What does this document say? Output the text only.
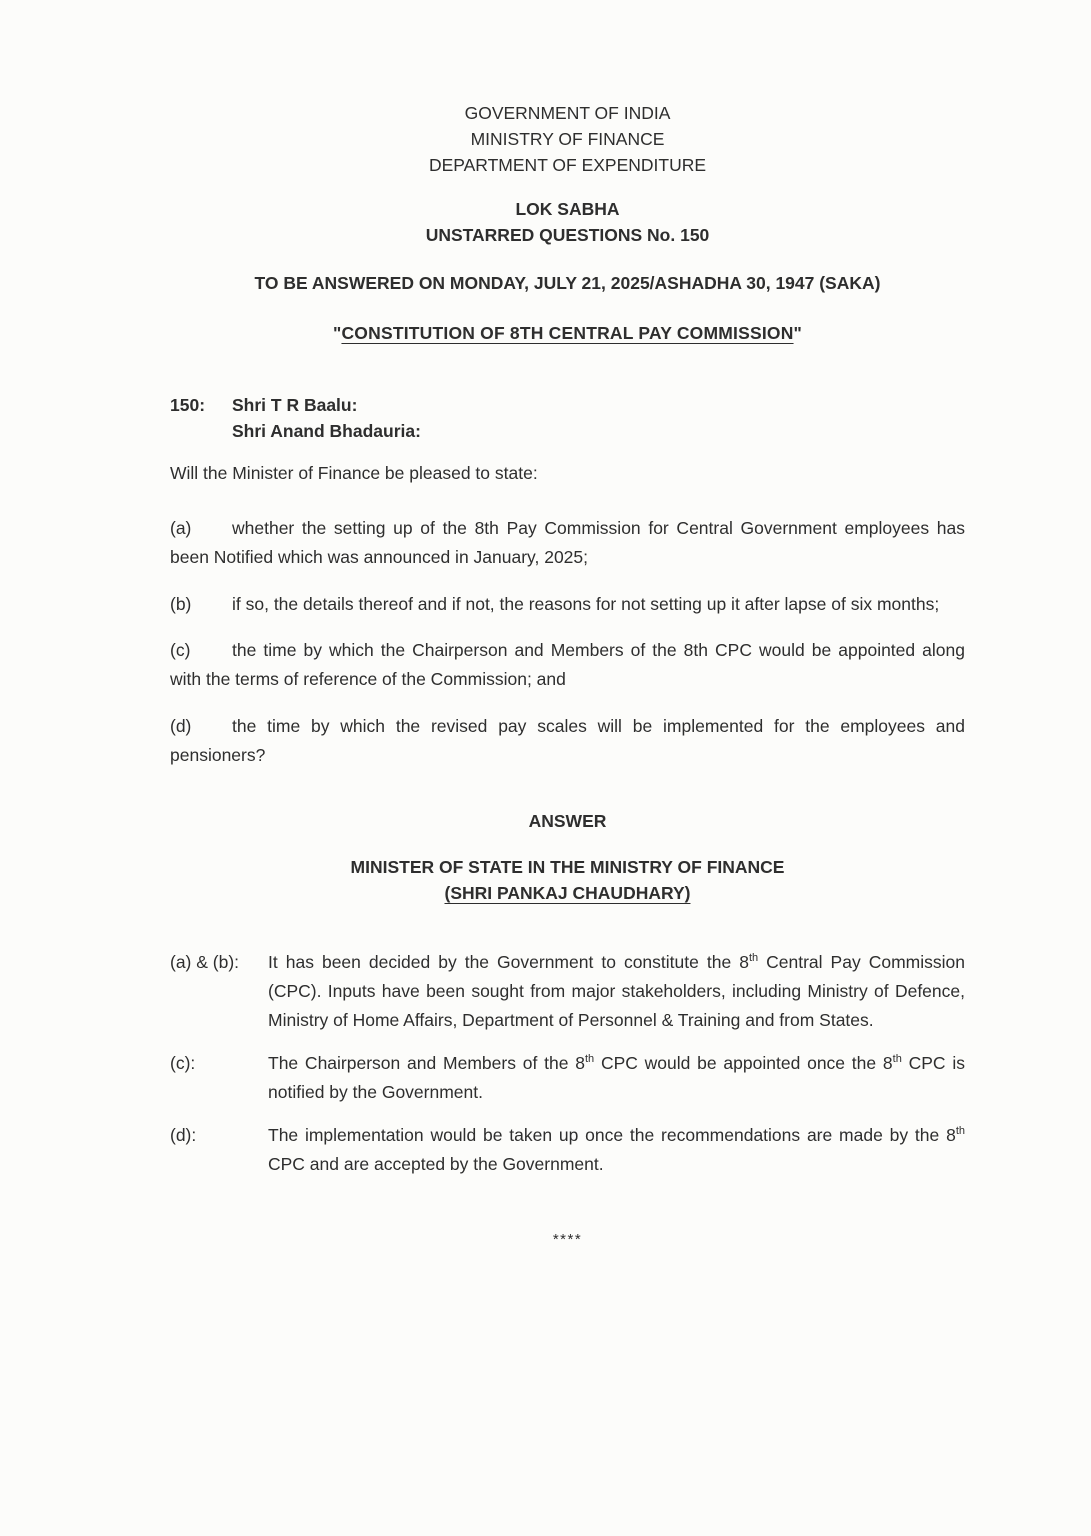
GOVERNMENT OF INDIA
MINISTRY OF FINANCE
DEPARTMENT OF EXPENDITURE
LOK SABHA
UNSTARRED QUESTIONS No. 150
TO BE ANSWERED ON MONDAY, JULY 21, 2025/ASHADHA 30, 1947 (SAKA)
"CONSTITUTION OF 8TH CENTRAL PAY COMMISSION"
150:	Shri T R Baalu:
Shri Anand Bhadauria:
Will the Minister of Finance be pleased to state:

(a) whether the setting up of the 8th Pay Commission for Central Government employees has been Notified which was announced in January, 2025;

(b) if so, the details thereof and if not, the reasons for not setting up it after lapse of six months;

(c) the time by which the Chairperson and Members of the 8th CPC would be appointed along with the terms of reference of the Commission; and

(d) the time by which the revised pay scales will be implemented for the employees and pensioners?

ANSWER
MINISTER OF STATE IN THE MINISTRY OF FINANCE
(SHRI PANKAJ CHAUDHARY)
(a) & (b):	It has been decided by the Government to constitute the 8th Central Pay Commission (CPC). Inputs have been sought from major stakeholders, including Ministry of Defence, Ministry of Home Affairs, Department of Personnel & Training and from States.
(c):	The Chairperson and Members of the 8th CPC would be appointed once the 8th CPC is notified by the Government.
(d):	The implementation would be taken up once the recommendations are made by the 8th CPC and are accepted by the Government.
****
